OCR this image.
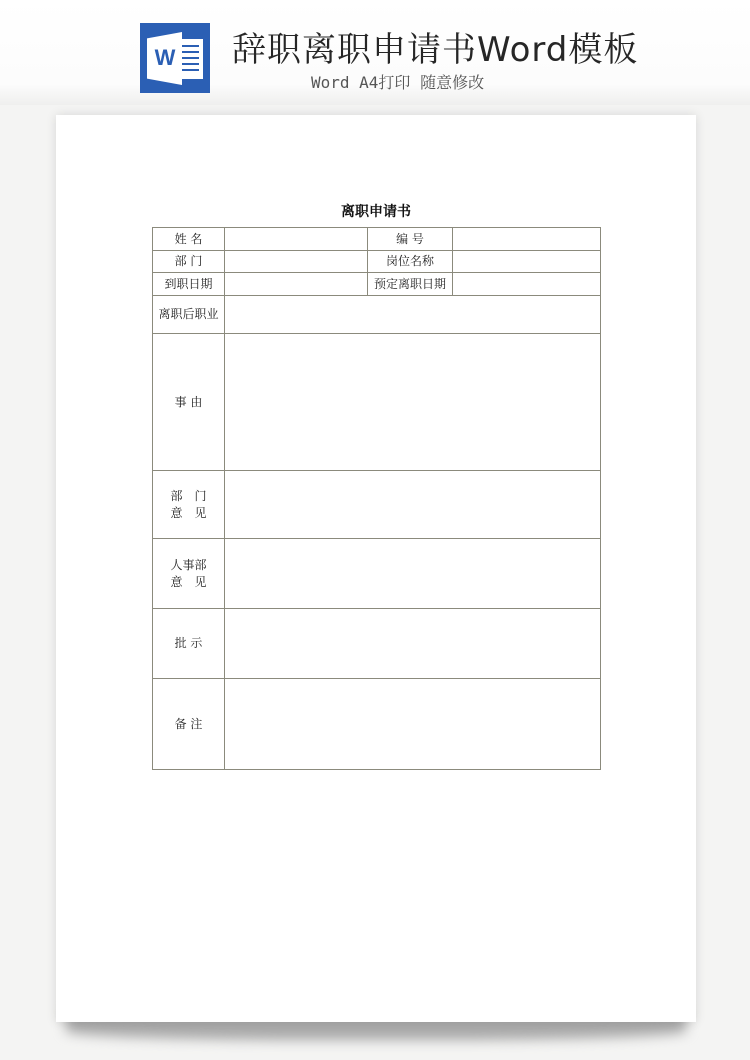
W 辞职离职申请书Word模板
Word A4打印 随意修改
离职申请书
姓 名		编 号	
部 门		岗位名称	
到职日期		预定离职日期	
离职后职业			
事 由			

部　门
意　见			

人事部
意　见			

批 示			
备 注			
